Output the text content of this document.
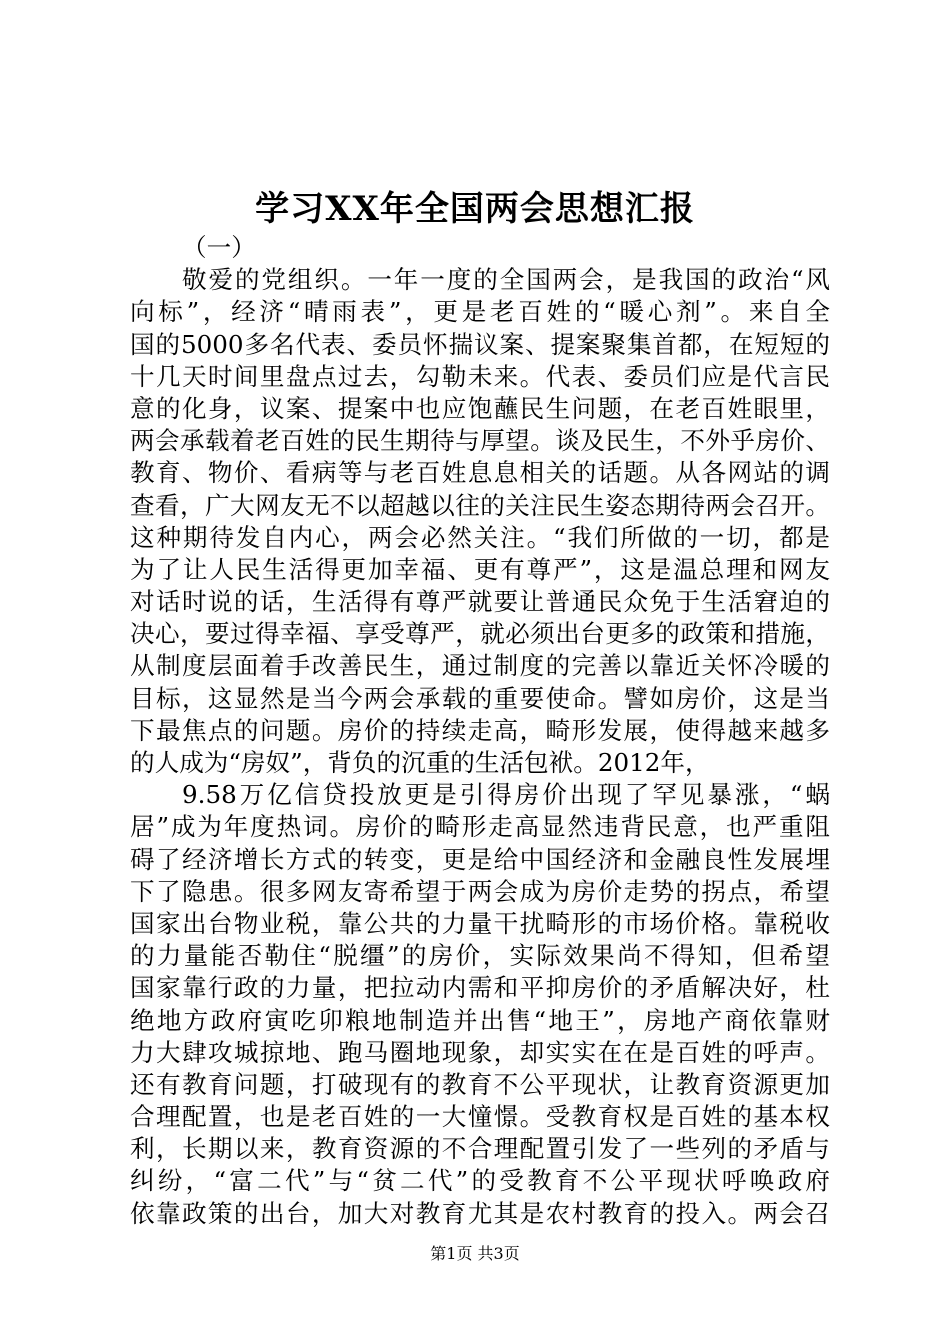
学习XX年全国两会思想汇报
（一）
敬爱的党组织。一年一度的全国两会，是我国的政治“风
向标”，经济“晴雨表”，更是老百姓的“暖心剂”。来自全
国的5000多名代表、委员怀揣议案、提案聚集首都，在短短的
十几天时间里盘点过去，勾勒未来。代表、委员们应是代言民
意的化身，议案、提案中也应饱蘸民生问题，在老百姓眼里，
两会承载着老百姓的民生期待与厚望。谈及民生，不外乎房价、
教育、物价、看病等与老百姓息息相关的话题。从各网站的调
查看，广大网友无不以超越以往的关注民生姿态期待两会召开。
这种期待发自内心，两会必然关注。“我们所做的一切，都是
为了让人民生活得更加幸福、更有尊严”，这是温总理和网友
对话时说的话，生活得有尊严就要让普通民众免于生活窘迫的
决心，要过得幸福、享受尊严，就必须出台更多的政策和措施，
从制度层面着手改善民生，通过制度的完善以靠近关怀冷暖的
目标，这显然是当今两会承载的重要使命。譬如房价，这是当
下最焦点的问题。房价的持续走高，畸形发展，使得越来越多
的人成为“房奴”，背负的沉重的生活包袱。2012年，
9.58万亿信贷投放更是引得房价出现了罕见暴涨，“蜗
居”成为年度热词。房价的畸形走高显然违背民意，也严重阻
碍了经济增长方式的转变，更是给中国经济和金融良性发展埋
下了隐患。很多网友寄希望于两会成为房价走势的拐点，希望
国家出台物业税，靠公共的力量干扰畸形的市场价格。靠税收
的力量能否勒住“脱缰”的房价，实际效果尚不得知，但希望
国家靠行政的力量，把拉动内需和平抑房价的矛盾解决好，杜
绝地方政府寅吃卯粮地制造并出售“地王”，房地产商依靠财
力大肆攻城掠地、跑马圈地现象，却实实在在是百姓的呼声。
还有教育问题，打破现有的教育不公平现状，让教育资源更加
合理配置，也是老百姓的一大憧憬。受教育权是百姓的基本权
利，长期以来，教育资源的不合理配置引发了一些列的矛盾与
纠纷，“富二代”与“贫二代”的受教育不公平现状呼唤政府
依靠政策的出台，加大对教育尤其是农村教育的投入。两会召
第1页 共3页
